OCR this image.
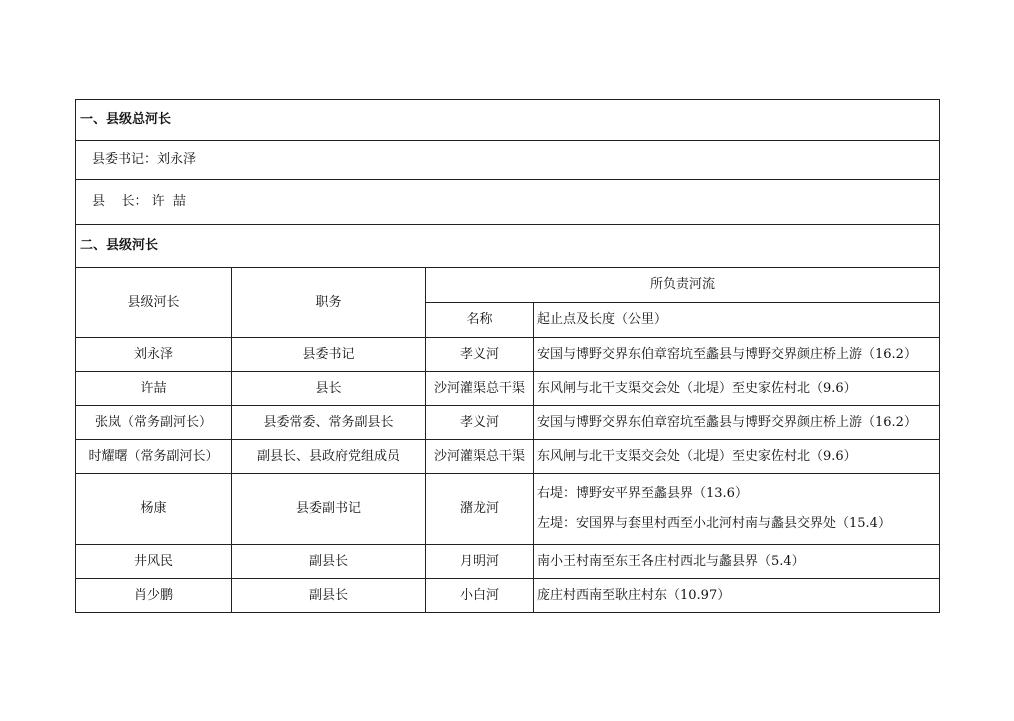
一、县级总河长			
县委书记：刘永泽			
县    长： 许  喆			
二、县级河长			
县级河长	职务	所负责河流	
		名称	起止点及长度（公里）
刘永泽	县委书记	孝义河	安国与博野交界东伯章窑坑至蠡县与博野交界颜庄桥上游（16.2）
许喆	县长	沙河灌渠总干渠	东风闸与北干支渠交会处（北堤）至史家佐村北（9.6）
张岚（常务副河长）	县委常委、常务副县长	孝义河	安国与博野交界东伯章窑坑至蠡县与博野交界颜庄桥上游（16.2）
时耀曙（常务副河长）	副县长、县政府党组成员	沙河灌渠总干渠	东风闸与北干支渠交会处（北堤）至史家佐村北（9.6）
杨康	县委副书记	潴龙河	右堤：博野安平界至蠡县界（13.6）
左堤：安国界与套里村西至小北河村南与蠡县交界处（15.4）

井风民	副县长	月明河	南小王村南至东王各庄村西北与蠡县界（5.4）
肖少鹏	副县长	小白河	庞庄村西南至耿庄村东（10.97）
